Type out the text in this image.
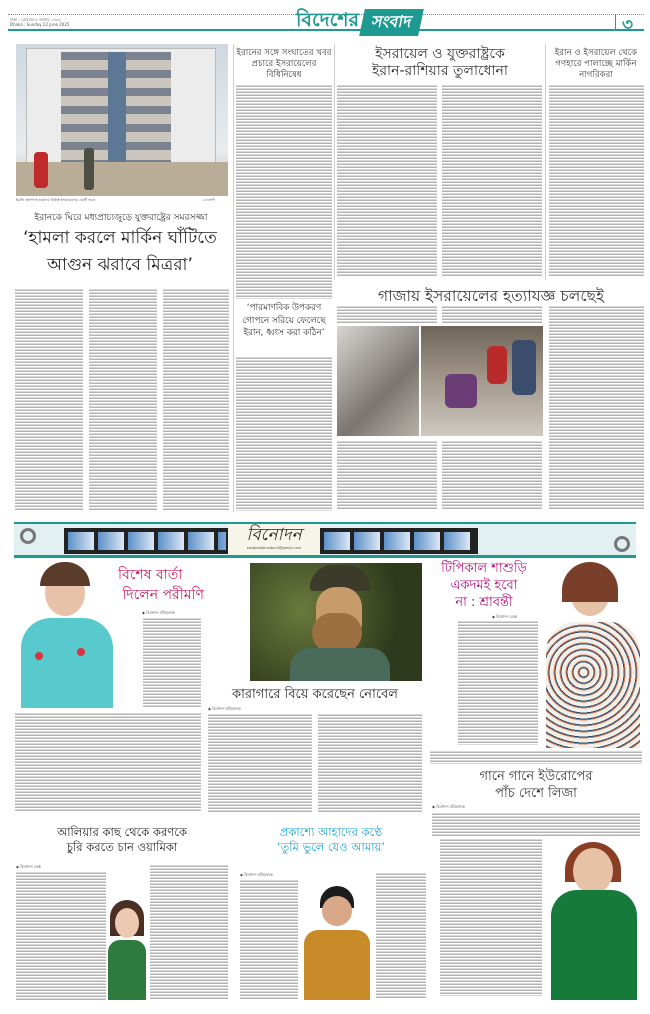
ঢাকা : রোববার ৮ আষাঢ় ১৪৩২
Dhaka : Sunday 22 June 2025	বিদেশের সংবাদ	৩
ইরানি ক্ষেপণাস্ত্র হামলায় বিধ্বস্ত ইসরায়েলের একটি ভবন	-এএফপি
ইরানকে ঘিরে মধ্যপ্রাচ্যজুড়ে যুক্তরাষ্ট্রের সমরসজ্জা
‘হামলা করলে মার্কিন ঘাঁটিতে
আগুন ঝরাবে মিত্ররা’
ইরানের সঙ্গে সংঘাতের খবর প্রচারে ইসরায়েলের বিধিনিষেধ
‘পারমাণবিক উপকরণ গোপনে সরিয়ে ফেলেছে ইরান, ধ্বংস করা কঠিন’
ইসরায়েল ও যুক্তরাষ্ট্রকে
ইরান-রাশিয়ার তুলাধোনা
ইরান ও ইসরায়েল থেকে গণহারে পালাচ্ছে মার্কিন নাগরিকরা
গাজায় ইসরায়েলের হত্যাযজ্ঞ চলছেই
বিনোদন
sangbadbinodon4@gmail.com
বিশেষ বার্তা
দিলেন পরীমণি
◆ বিনোদন প্রতিবেদক
কারাগারে বিয়ে করেছেন নোবেল
◆ বিনোদন প্রতিবেদক
টিপিকাল শাশুড়ি
একদমই হবো
না : শ্রাবন্তী
◆ বিনোদন ডেস্ক
গানে গানে ইউরোপের
পাঁচ দেশে লিজা
◆ বিনোদন প্রতিবেদক
আলিয়ার কাছ থেকে করণকে
চুরি করতে চান ওয়ামিকা
◆ বিনোদন ডেস্ক
প্রকাশ্যে আহাদের কণ্ঠে
‘তুমি ভুলে যেও আমায়’
◆ বিনোদন প্রতিবেদক
